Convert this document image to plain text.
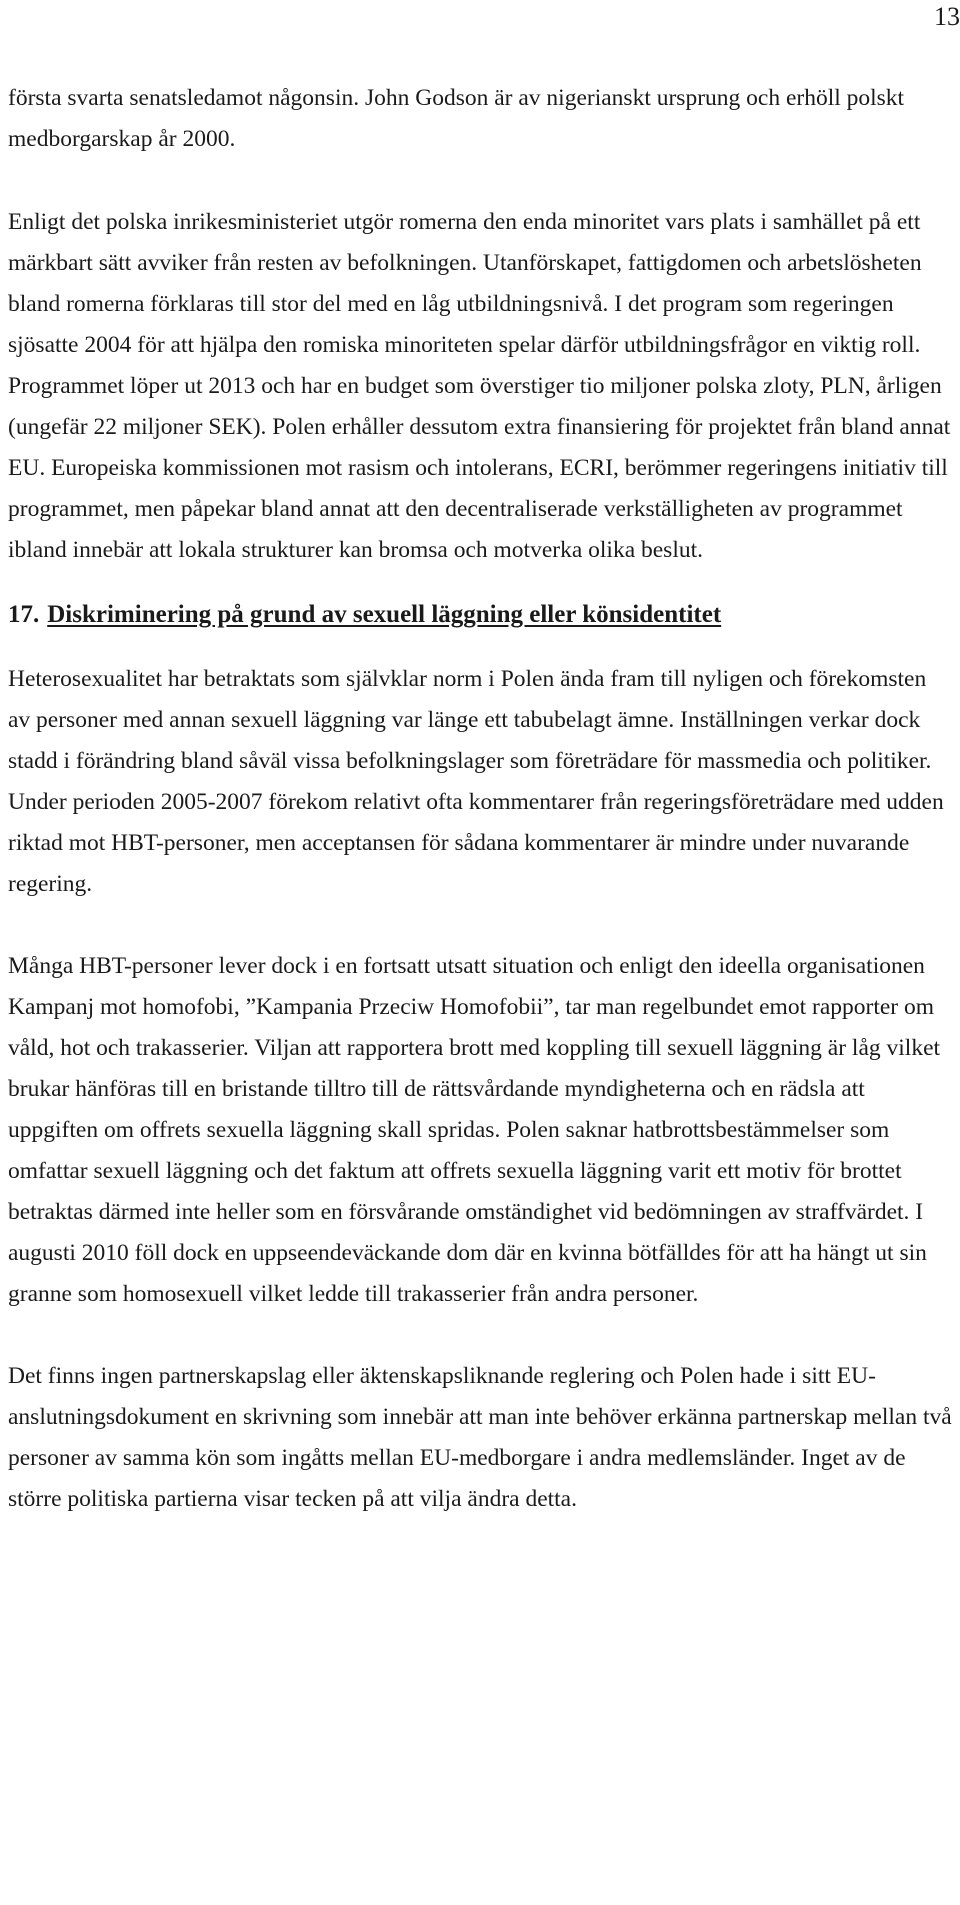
13

första svarta senatsledamot någonsin. John Godson är av nigerianskt ursprung och erhöll polskt medborgarskap år 2000.

Enligt det polska inrikesministeriet utgör romerna den enda minoritet vars plats i samhället på ett märkbart sätt avviker från resten av befolkningen. Utanförskapet, fattigdomen och arbetslösheten bland romerna förklaras till stor del med en låg utbildningsnivå. I det program som regeringen sjösatte 2004 för att hjälpa den romiska minoriteten spelar därför utbildningsfrågor en viktig roll. Programmet löper ut 2013 och har en budget som överstiger tio miljoner polska zloty, PLN, årligen (ungefär 22 miljoner SEK). Polen erhåller dessutom extra finansiering för projektet från bland annat EU. Europeiska kommissionen mot rasism och intolerans, ECRI, berömmer regeringens initiativ till programmet, men påpekar bland annat att den decentraliserade verkställigheten av programmet ibland innebär att lokala strukturer kan bromsa och motverka olika beslut.

17. Diskriminering på grund av sexuell läggning eller könsidentitet

Heterosexualitet har betraktats som självklar norm i Polen ända fram till nyligen och förekomsten av personer med annan sexuell läggning var länge ett tabubelagt ämne. Inställningen verkar dock stadd i förändring bland såväl vissa befolkningslager som företrädare för massmedia och politiker. Under perioden 2005-2007 förekom relativt ofta kommentarer från regeringsföreträdare med udden riktad mot HBT-personer, men acceptansen för sådana kommentarer är mindre under nuvarande regering.

Många HBT-personer lever dock i en fortsatt utsatt situation och enligt den ideella organisationen Kampanj mot homofobi, ”Kampania Przeciw Homofobii”, tar man regelbundet emot rapporter om våld, hot och trakasserier. Viljan att rapportera brott med koppling till sexuell läggning är låg vilket brukar hänföras till en bristande tilltro till de rättsvårdande myndigheterna och en rädsla att uppgiften om offrets sexuella läggning skall spridas. Polen saknar hatbrottsbestämmelser som omfattar sexuell läggning och det faktum att offrets sexuella läggning varit ett motiv för brottet betraktas därmed inte heller som en försvårande omständighet vid bedömningen av straffvärdet. I augusti 2010 föll dock en uppseendeväckande dom där en kvinna bötfälldes för att ha hängt ut sin granne som homosexuell vilket ledde till trakasserier från andra personer.

Det finns ingen partnerskapslag eller äktenskapsliknande reglering och Polen hade i sitt EU-anslutningsdokument en skrivning som innebär att man inte behöver erkänna partnerskap mellan två personer av samma kön som ingåtts mellan EU-medborgare i andra medlemsländer. Inget av de större politiska partierna visar tecken på att vilja ändra detta.
